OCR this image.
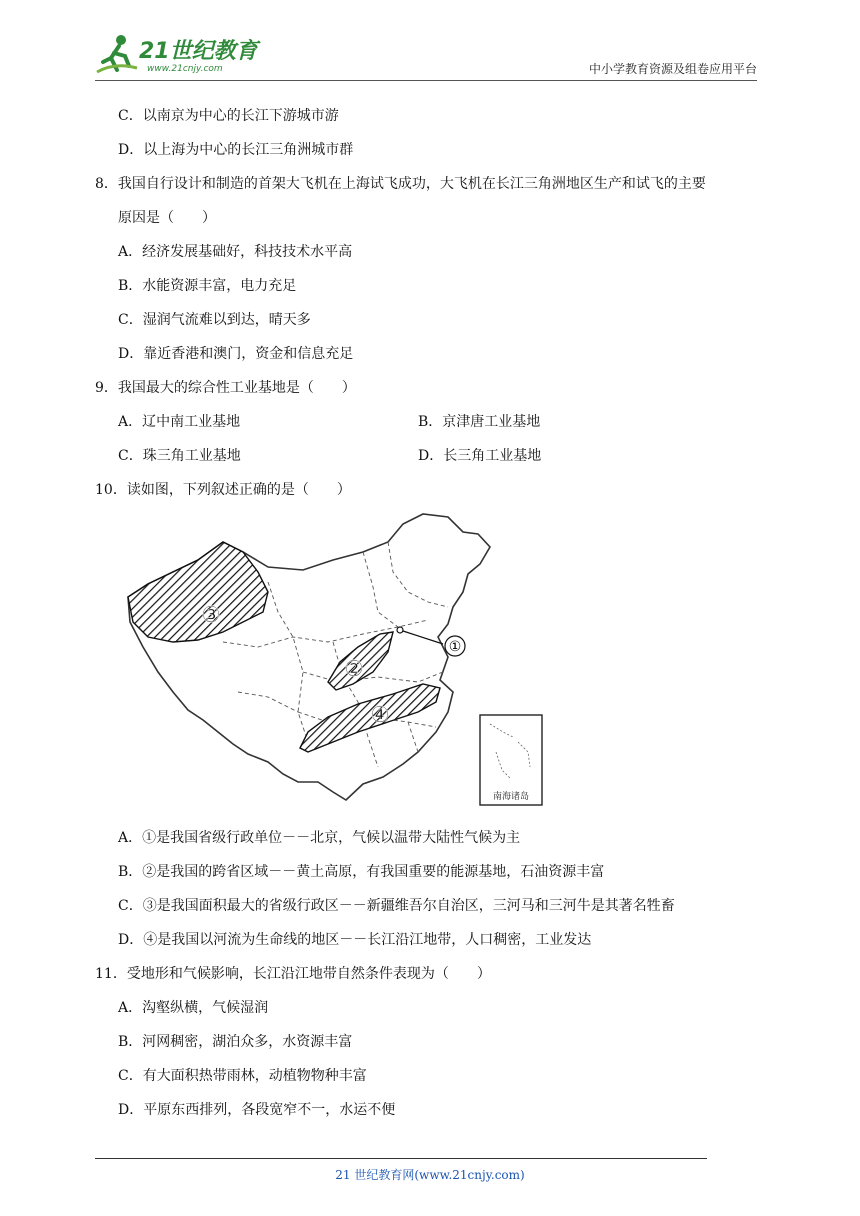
21世纪教育
www.21cnjy.com	中小学教育资源及组卷应用平台
C．以南京为中心的长江下游城市游
D．以上海为中心的长江三角洲城市群
8．我国自行设计和制造的首架大飞机在上海试飞成功，大飞机在长江三角洲地区生产和试飞的主要
原因是（　　）
A．经济发展基础好，科技技术水平高
B．水能资源丰富，电力充足
C．湿润气流难以到达，晴天多
D．靠近香港和澳门，资金和信息充足
9．我国最大的综合性工业基地是（　　）
A．辽中南工业基地	B．京津唐工业基地
C．珠三角工业基地	D．长三角工业基地
10．读如图，下列叙述正确的是（　　）
①
②
③
④
南海诸岛
A．①是我国省级行政单位－－北京，气候以温带大陆性气候为主
B．②是我国的跨省区域－－黄土高原，有我国重要的能源基地，石油资源丰富
C．③是我国面积最大的省级行政区－－新疆维吾尔自治区，三河马和三河牛是其著名牲畜
D．④是我国以河流为生命线的地区－－长江沿江地带，人口稠密，工业发达
11．受地形和气候影响，长江沿江地带自然条件表现为（　　）
A．沟壑纵横，气候湿润
B．河网稠密，湖泊众多，水资源丰富
C．有大面积热带雨林，动植物物种丰富
D．平原东西排列，各段宽窄不一，水运不便
21 世纪教育网(www.21cnjy.com)
